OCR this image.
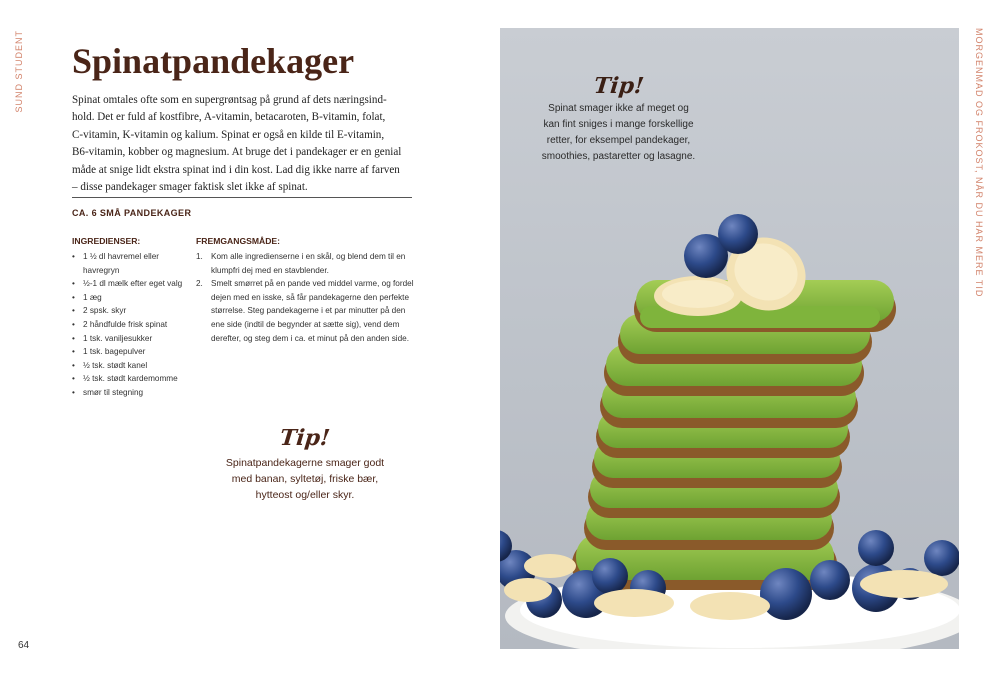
SUND STUDENT	MORGENMAD OG FROKOST, NÅR DU HAR MERE TID
64
Spinatpandekager

Spinat omtales ofte som en supergrøntsag på grund af dets næringsind-
hold. Det er fuld af kostfibre, A-vitamin, betacaroten, B-vitamin, folat,
C-vitamin, K-vitamin og kalium. Spinat er også en kilde til E-vitamin,
B6-vitamin, kobber og magnesium. At bruge det i pandekager er en genial
måde at snige lidt ekstra spinat ind i din kost. Lad dig ikke narre af farven
– disse pandekager smager faktisk slet ikke af spinat.

CA. 6 SMÅ PANDEKAGER
INGREDIENSER:
• 1 ½ dl havremel eller havregryn
• ½-1 dl mælk efter eget valg
• 1 æg
• 2 spsk. skyr
• 2 håndfulde frisk spinat
• 1 tsk. vaniljesukker
• 1 tsk. bagepulver
• ½ tsk. stødt kanel
• ½ tsk. stødt kardemomme
• smør til stegning
FREMGANGSMÅDE:
1. Kom alle ingredienserne i en skål, og blend dem til en klumpfri dej med en stavblender.
2. Smelt smørret på en pande ved middel varme, og fordel dejen med en isske, så får pandekagerne den perfekte størrelse. Steg pandekagerne i et par minutter på den ene side (indtil de begynder at sætte sig), vend dem derefter, og steg dem i ca. et minut på den anden side.
Tip!

Spinatpandekagerne smager godt
med banan, syltetøj, friske bær,
hytteost og/eller skyr.

Tip!

Spinat smager ikke af meget og
kan fint sniges i mange forskellige
retter, for eksempel pandekager,
smoothies, pastaretter og lasagne.
